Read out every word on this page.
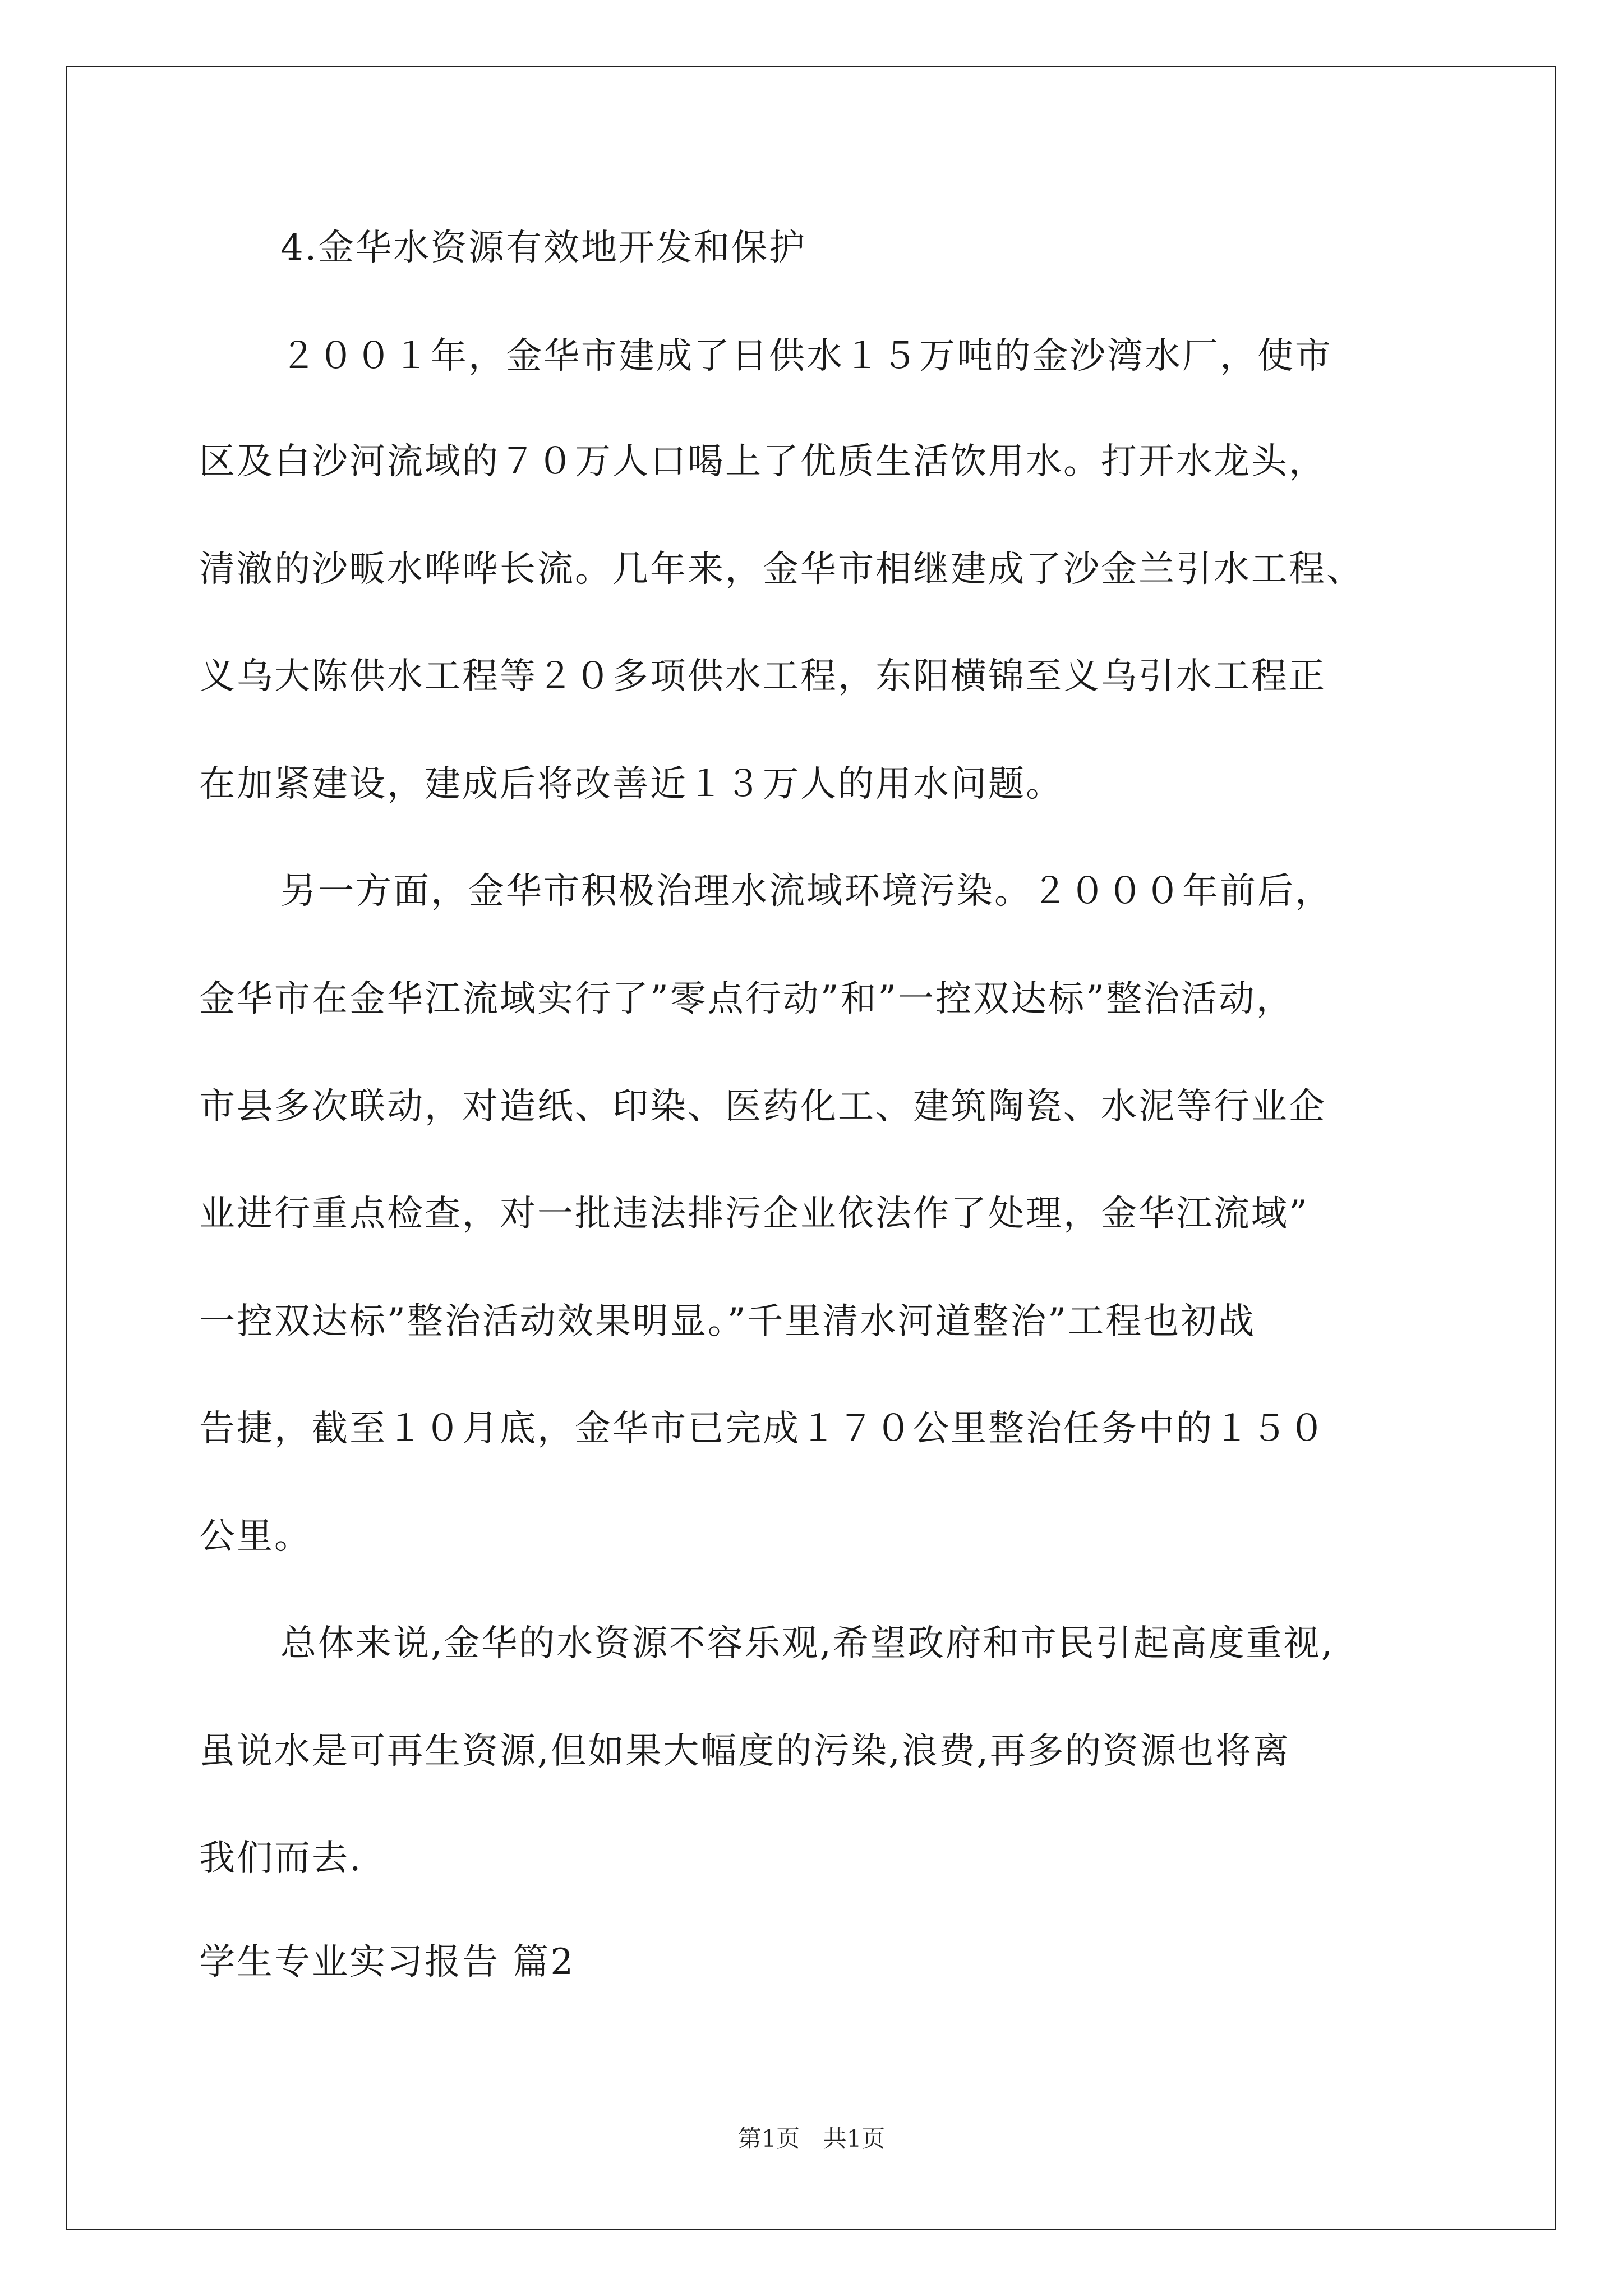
4.金华水资源有效地开发和保护
２００１年，金华市建成了日供水１５万吨的金沙湾水厂，使市
区及白沙河流域的７０万人口喝上了优质生活饮用水。打开水龙头，
清澈的沙畈水哗哗长流。几年来，金华市相继建成了沙金兰引水工程、
义乌大陈供水工程等２０多项供水工程，东阳横锦至义乌引水工程正
在加紧建设，建成后将改善近１３万人的用水问题。
另一方面，金华市积极治理水流域环境污染。２０００年前后，
金华市在金华江流域实行了”零点行动”和”一控双达标”整治活动，
市县多次联动，对造纸、印染、医药化工、建筑陶瓷、水泥等行业企
业进行重点检查，对一批违法排污企业依法作了处理，金华江流域”
一控双达标”整治活动效果明显。”千里清水河道整治”工程也初战
告捷，截至１０月底，金华市已完成１７０公里整治任务中的１５０
公里。
总体来说,金华的水资源不容乐观,希望政府和市民引起高度重视,
虽说水是可再生资源,但如果大幅度的污染,浪费,再多的资源也将离
我们而去.
学生专业实习报告 篇2
第1页 共1页
